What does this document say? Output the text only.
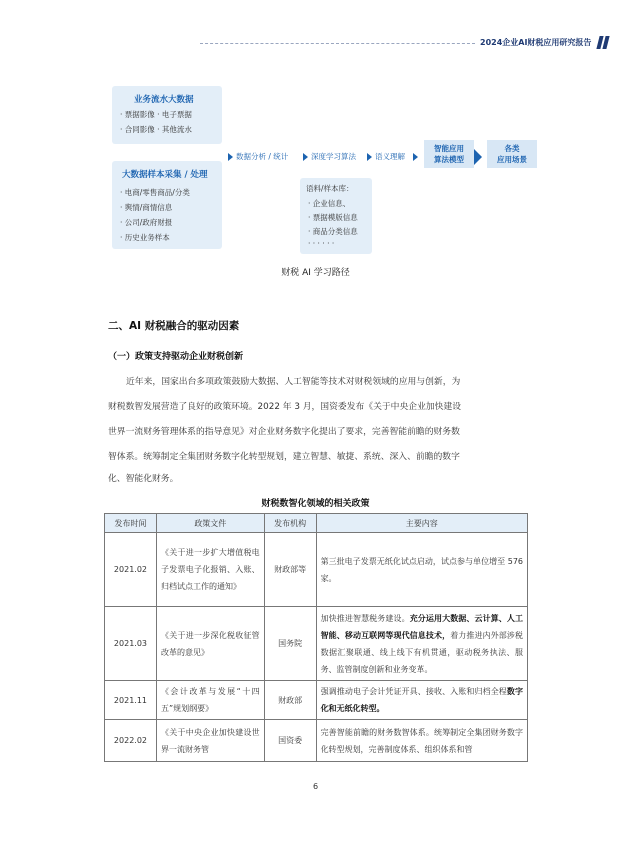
2024企业AI财税应用研究报告
业务流水大数据
· 票据影像 · 电子票据
· 合同影像 · 其他流水
大数据样本采集 / 处理
· 电商/零售商品/分类
· 舆情/商情信息
· 公司/政府财报
· 历史业务样本
数据分析 / 统计	深度学习算法	语义理解
智能应用
算法模型
各类
应用场景
语料/样本库：
· 企业信息、
· 票据模版信息
· 商品分类信息
· · · · · ·
财税 AI 学习路径
二、AI 财税融合的驱动因素
（一）政策支持驱动企业财税创新
近年来，国家出台多项政策鼓励大数据、人工智能等技术对财税领域的应用与创新，为
财税数智发展营造了良好的政策环境。2022 年 3 月，国资委发布《关于中央企业加快建设
世界一流财务管理体系的指导意见》对企业财务数字化提出了要求，完善智能前瞻的财务数
智体系。统筹制定全集团财务数字化转型规划，建立智慧、敏捷、系统、深入、前瞻的数字
化、智能化财务。
财税数智化领域的相关政策
发布时间	政策文件	发布机构	主要内容
2021.02	《关于进一步扩大增值税电子发票电子化报销、入账、归档试点工作的通知》	财政部等	第三批电子发票无纸化试点启动，试点参与单位增至 576 家。
2021.03	《关于进一步深化税收征管改革的意见》	国务院	加快推进智慧税务建设。充分运用大数据、云计算、人工智能、移动互联网等现代信息技术，着力推进内外部涉税数据汇聚联通、线上线下有机贯通，驱动税务执法、服务、监管制度创新和业务变革。
2021.11	《会计改革与发展“十四五”规划纲要》	财政部	强调推动电子会计凭证开具、接收、入账和归档全程数字化和无纸化转型。
2022.02	《关于中央企业加快建设世界一流财务管	国资委	完善智能前瞻的财务数智体系。统筹制定全集团财务数字化转型规划，完善制度体系、组织体系和管
6
